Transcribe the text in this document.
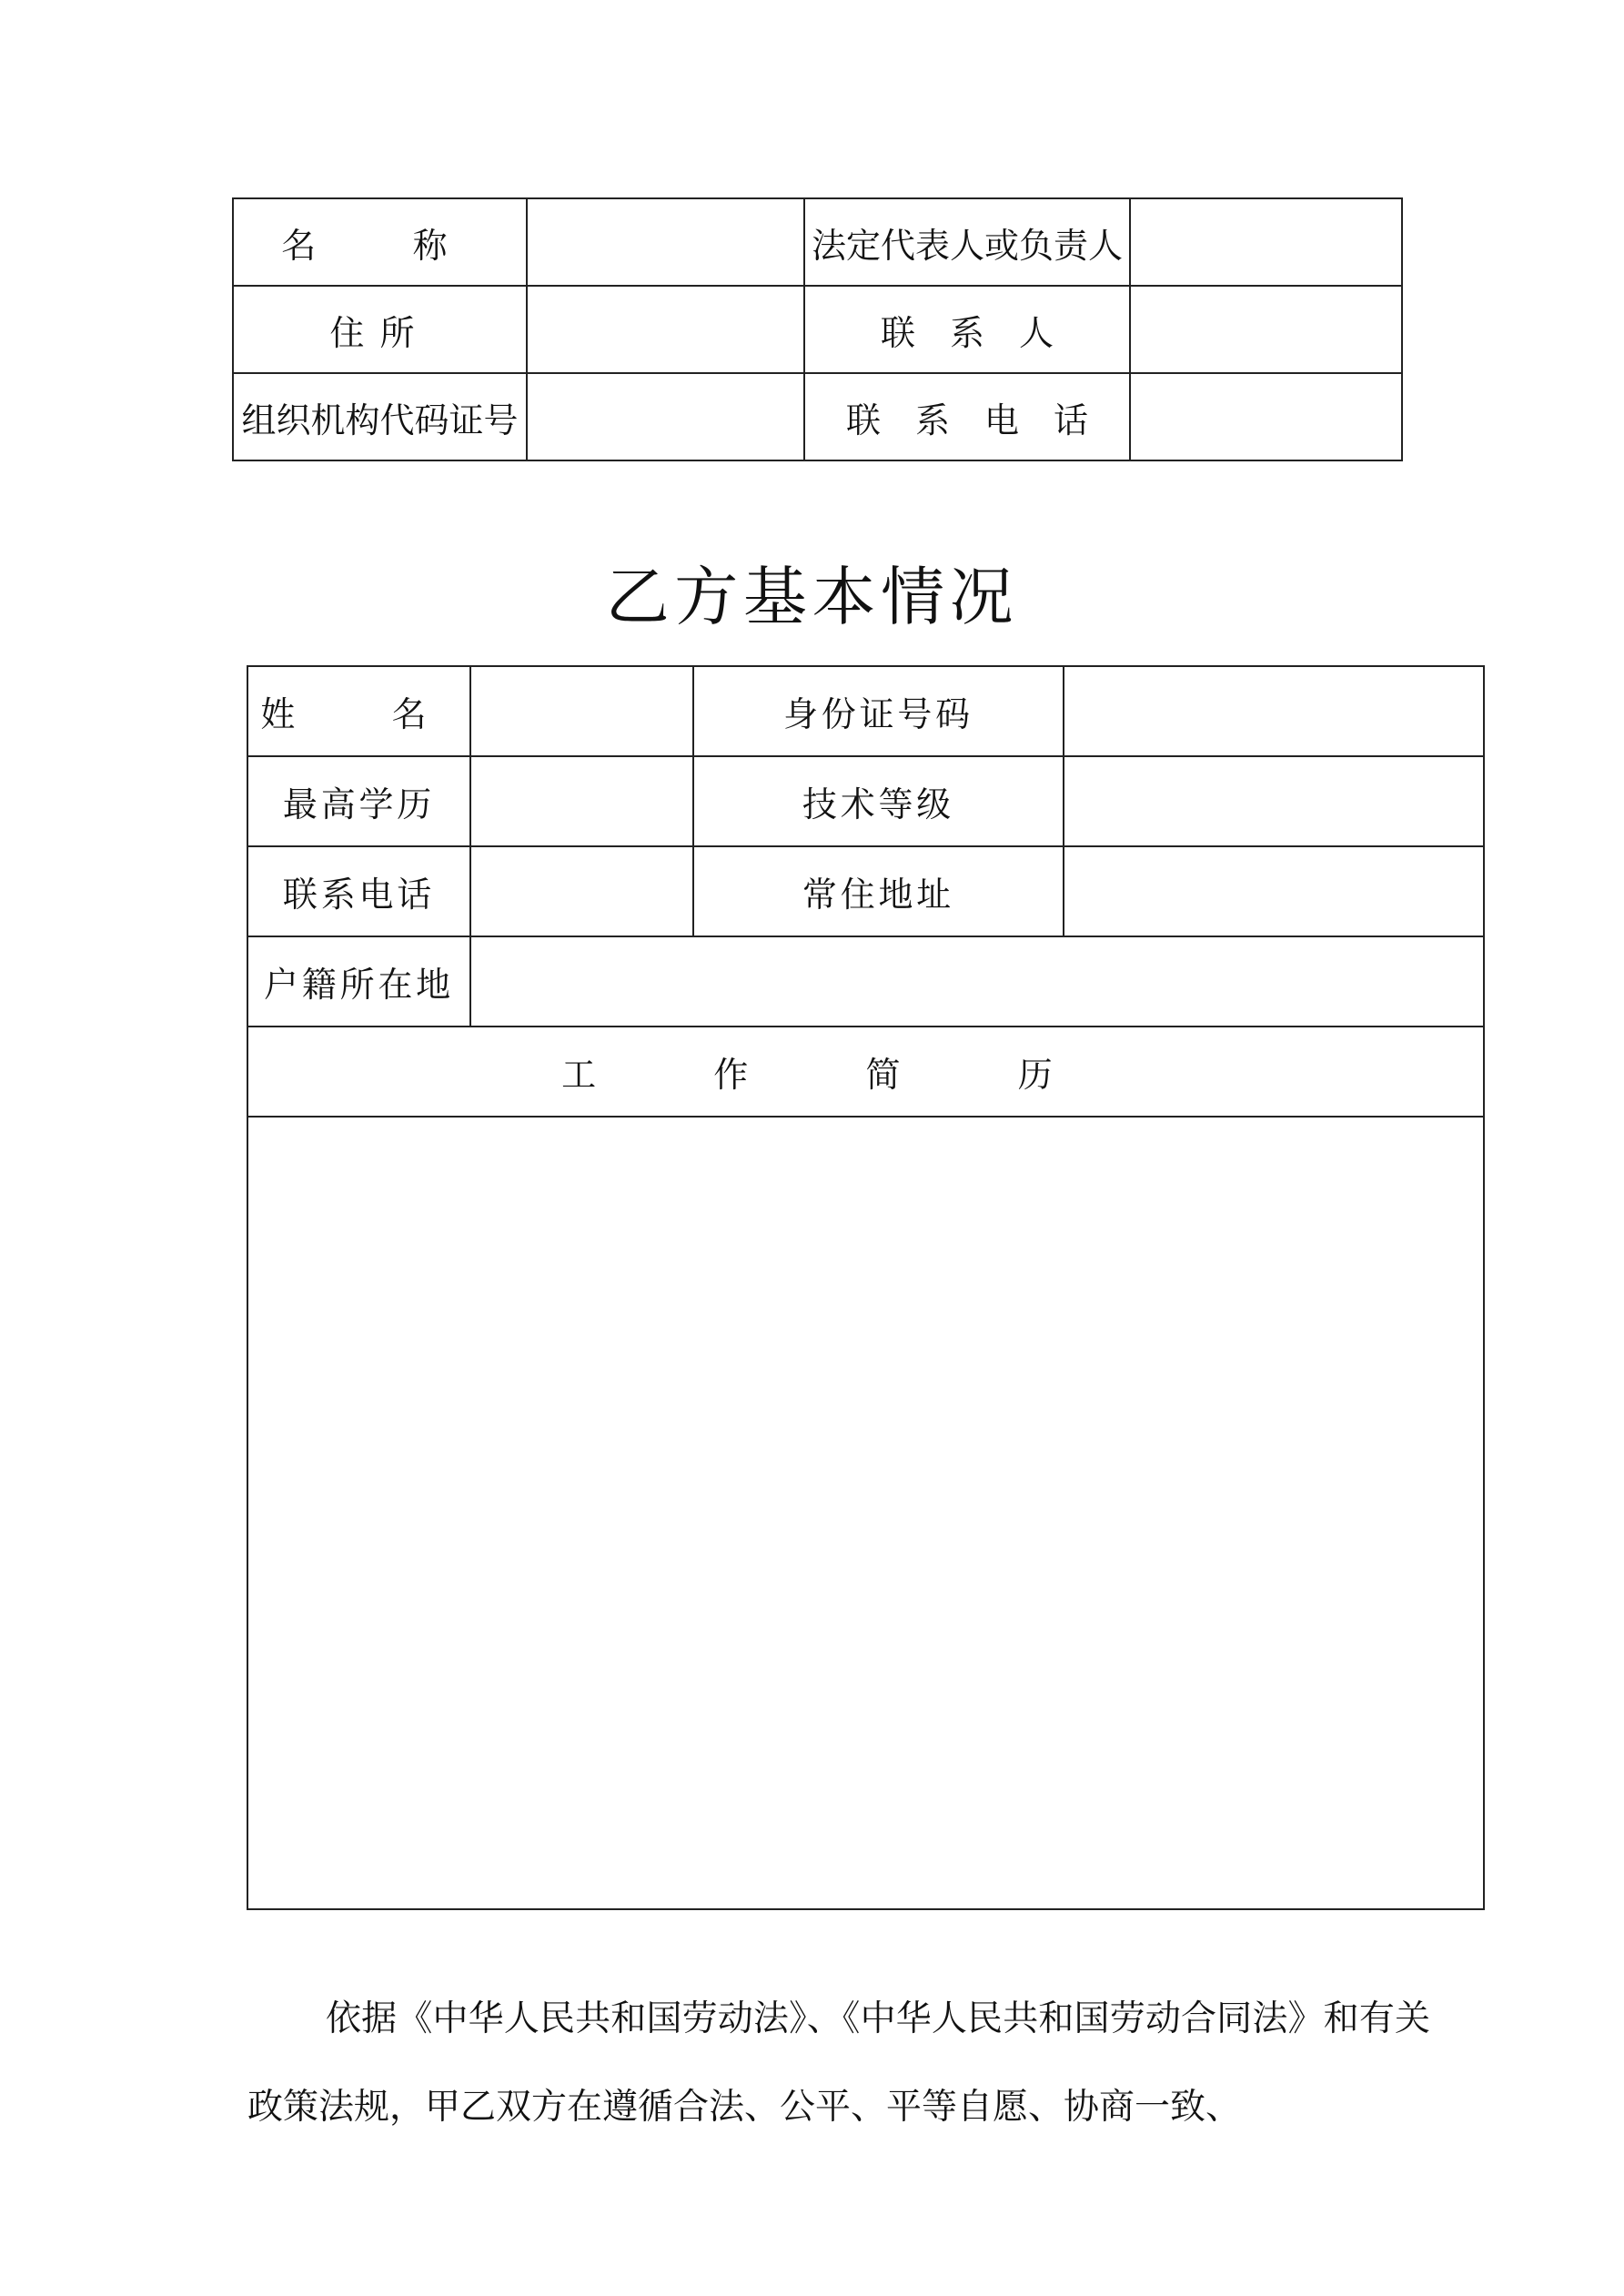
名　称		法定代表人或负责人	
住所		联　系　人	
组织机构代码证号		联　系　电　话	
乙方基本情况
姓　名		身份证号码	
最高学历		技术等级	
联系电话		常住地址	
户籍所在地			
工作简历			

依据《中华人民共和国劳动法》、《中华人民共和国劳动合同法》和有关政策法规，甲乙双方在遵循合法、公平、平等自愿、协商一致、
